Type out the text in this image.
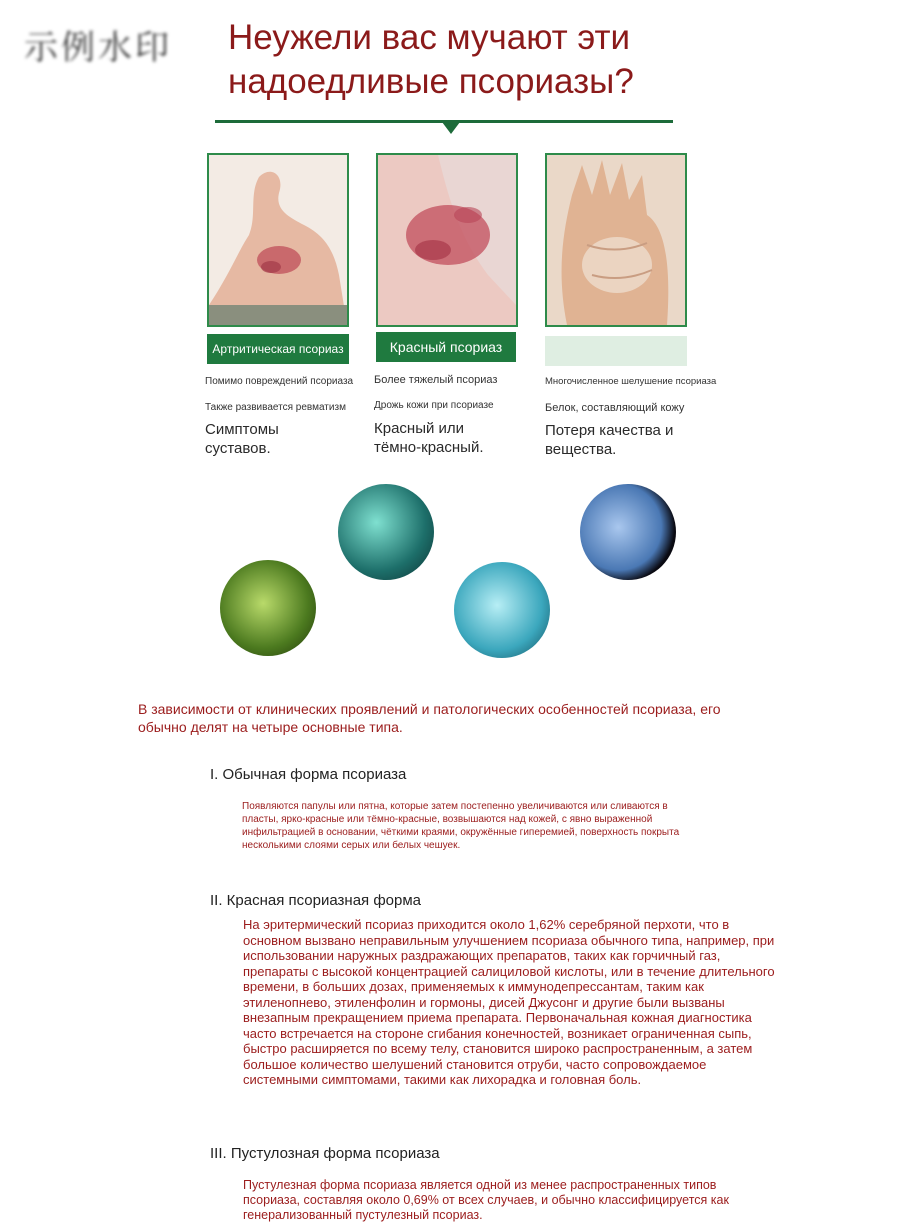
示例水印 Неужели вас мучают эти надоедливые псориазы?
Артритическая псориаз
Помимо повреждений псориаза
Также развивается ревматизм
Симптомы суставов.
Красный псориаз
Более тяжелый псориаз
Дрожь кожи при псориазе
Красный или тёмно-красный.
Многочисленное шелушение псориаза
Белок, составляющий кожу
Потеря качества и вещества.
В зависимости от клинических проявлений и патологических особенностей псориаза, его обычно делят на четыре основные типа.
I. Обычная форма псориаза
Появляются папулы или пятна, которые затем постепенно увеличиваются или сливаются в пласты, ярко-красные или тёмно-красные, возвышаются над кожей, с явно выраженной инфильтрацией в основании, чёткими краями, окружённые гиперемией, поверхность покрыта несколькими слоями серых или белых чешуек.
II. Красная псориазная форма
На эритермический псориаз приходится около 1,62% серебряной перхоти, что в основном вызвано неправильным улучшением псориаза обычного типа, например, при использовании наружных раздражающих препаратов, таких как горчичный газ, препараты с высокой концентрацией салициловой кислоты, или в течение длительного времени, в больших дозах, применяемых к иммунодепрессантам, таким как этиленопнево, этиленфолин и гормоны, дисей Джусонг и другие были вызваны внезапным прекращением приема препарата. Первоначальная кожная диагностика часто встречается на стороне сгибания конечностей, возникает ограниченная сыпь, быстро расширяется по всему телу, становится широко распространенным, а затем большое количество шелушений становится отруби, часто сопровождаемое системными симптомами, такими как лихорадка и головная боль.
III. Пустулозная форма псориаза
Пустулезная форма псориаза является одной из менее распространенных типов псориаза, составляя около 0,69% от всех случаев, и обычно классифицируется как генерализованный пустулезный псориаз.
